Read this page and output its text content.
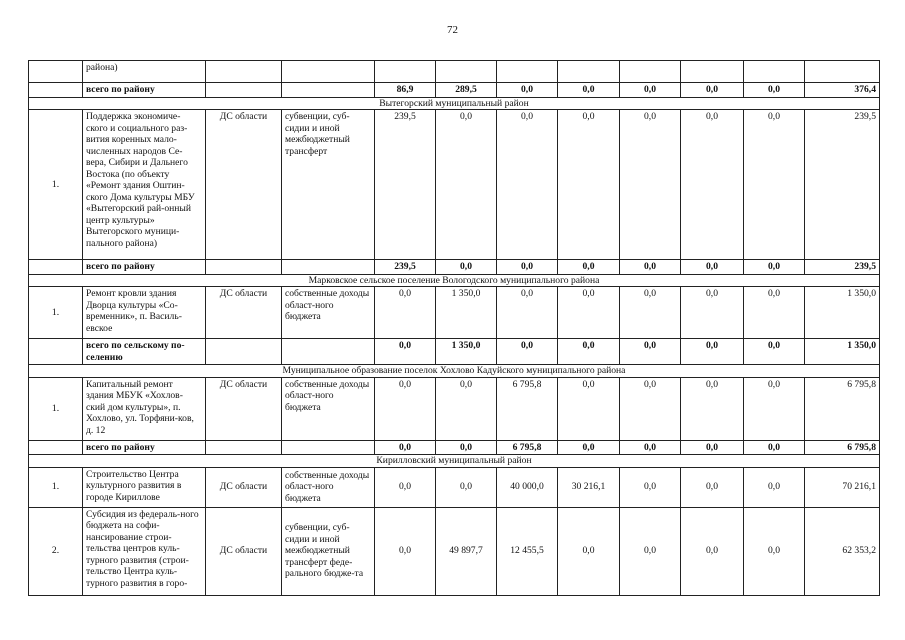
72
	района)										
	всего по району			86,9	289,5	0,0	0,0	0,0	0,0	0,0	376,4
Вытегорский муниципальный район											
1.	Поддержка экономиче-ского и социального раз-вития коренных мало-численных народов Се-вера, Сибири и Дальнего Востока (по объекту «Ремонт здания Оштин-ского Дома культуры МБУ «Вытегорский рай-онный центр культуры» Вытегорского муници-пального района)	ДС области	субвенции, суб-сидии и иной межбюджетный трансферт	239,5	0,0	0,0	0,0	0,0	0,0	0,0	239,5
	всего по району			239,5	0,0	0,0	0,0	0,0	0,0	0,0	239,5
Марковское сельское поселение Вологодского муниципального района											
1.	Ремонт кровли здания Дворца культуры «Со-временник», п. Василь-евское	ДС области	собственные доходы област-ного бюджета	0,0	1 350,0	0,0	0,0	0,0	0,0	0,0	1 350,0
	всего по сельскому по-селению			0,0	1 350,0	0,0	0,0	0,0	0,0	0,0	1 350,0
Муниципальное образование поселок Хохлово Кадуйского муниципального района											
1.	Капитальный ремонт здания МБУК «Хохлов-ский дом культуры», п. Хохлово, ул. Торфяни-ков, д. 12	ДС области	собственные доходы област-ного бюджета	0,0	0,0	6 795,8	0,0	0,0	0,0	0,0	6 795,8
	всего по району			0,0	0,0	6 795,8	0,0	0,0	0,0	0,0	6 795,8
Кирилловский муниципальный район											
1.	Строительство Центра культурного развития в городе Кириллове	ДС области	собственные доходы област-ного бюджета	0,0	0,0	40 000,0	30 216,1	0,0	0,0	0,0	70 216,1
2.	Субсидия из федераль-ного бюджета на софи-нансирование строи-тельства центров куль-турного развития (строи-тельство Центра куль-турного развития в горо-	ДС области	субвенции, суб-сидии и иной межбюджетный трансферт феде-рального бюдже-та	0,0	49 897,7	12 455,5	0,0	0,0	0,0	0,0	62 353,2
